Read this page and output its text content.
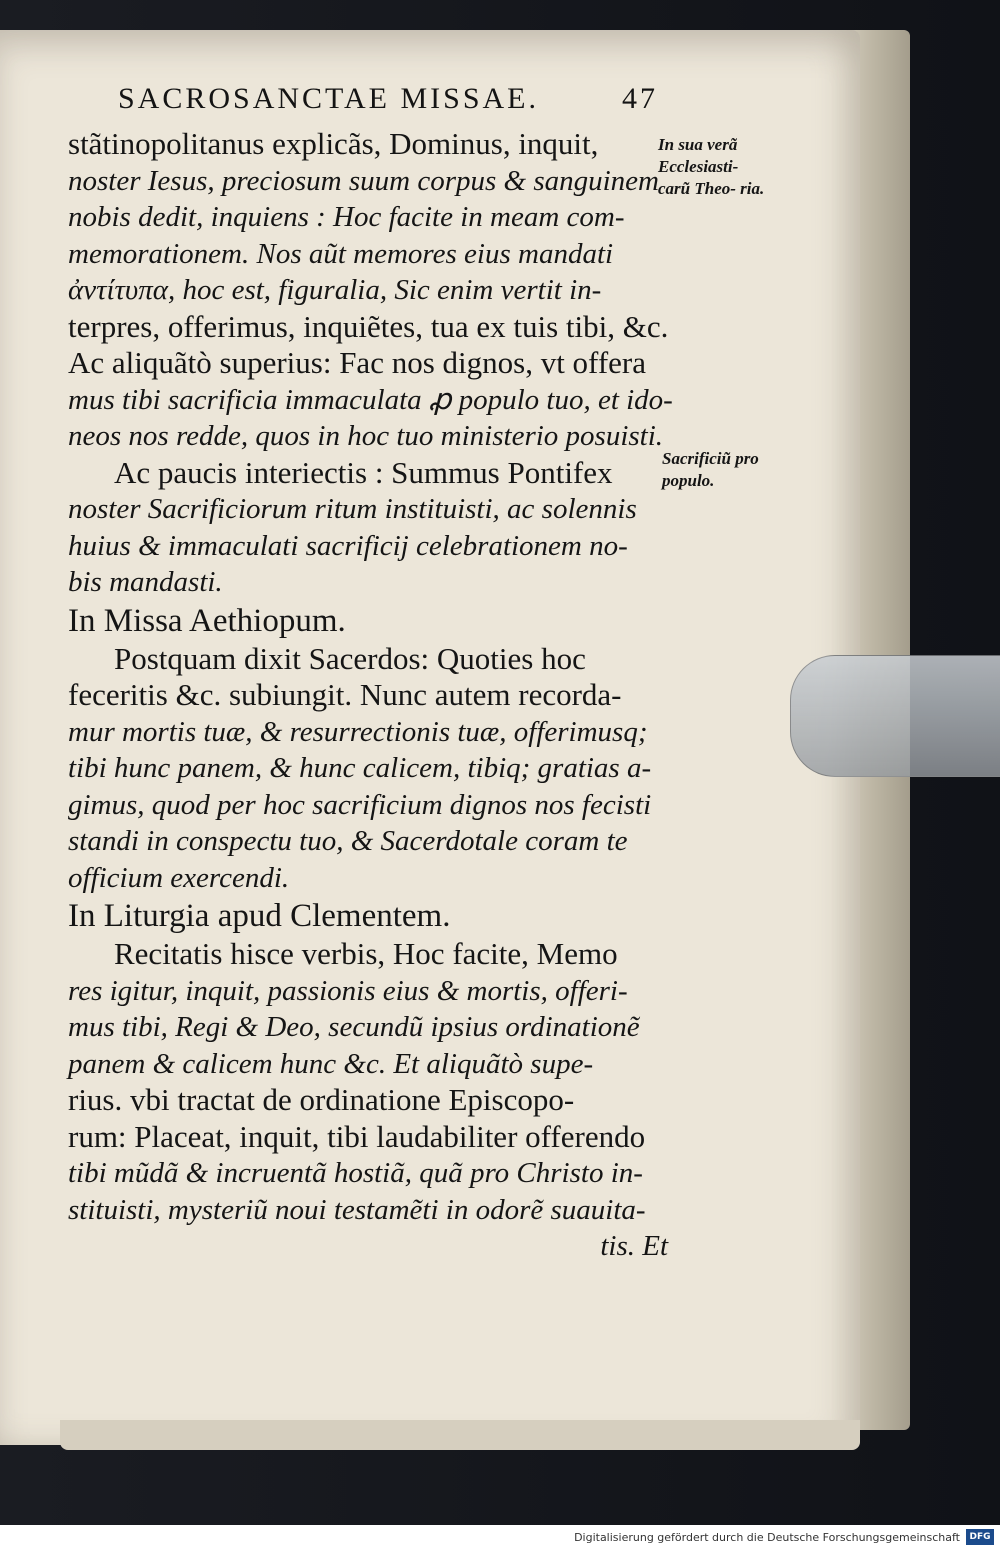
SACROSANCTAE MISSAE.	47
stãtinopolitanus explicãs, Dominus, inquit,
noster Iesus, preciosum suum corpus & sanguinem
nobis dedit, inquiens : Hoc facite in meam com-
memorationem. Nos aũt memores eius mandati
ἀντίτυπα, hoc est, figuralia, Sic enim vertit in-
terpres, offerimus, inquiẽtes, tua ex tuis tibi, &c.
Ac aliquãtò superius: Fac nos dignos, vt offera
mus tibi sacrificia immaculata ꝓ populo tuo, et ido-
neos nos redde, quos in hoc tuo ministerio posuisti.
Ac paucis interiectis : Summus Pontifex
noster Sacrificiorum ritum instituisti, ac solennis
huius & immaculati sacrificij celebrationem no-
bis mandasti.
In Missa Aethiopum.
Postquam dixit Sacerdos: Quoties hoc
feceritis &c. subiungit. Nunc autem recorda-
mur mortis tuæ, & resurrectionis tuæ, offerimusq;
tibi hunc panem, & hunc calicem, tibiq; gratias a-
gimus, quod per hoc sacrificium dignos nos fecisti
standi in conspectu tuo, & Sacerdotale coram te
officium exercendi.
In Liturgia apud Clementem.
Recitatis hisce verbis, Hoc facite, Memo
res igitur, inquit, passionis eius & mortis, offeri-
mus tibi, Regi & Deo, secundũ ipsius ordinationẽ
panem & calicem hunc &c. Et aliquãtò supe-
rius. vbi tractat de ordinatione Episcopo-
rum: Placeat, inquit, tibi laudabiliter offerendo
tibi mũdã & incruentã hostiã, quã pro Christo in-
stituisti, mysteriũ noui testamẽti in odorẽ suauita-
tis. Et
In sua verã Ecclesiasti- carũ Theo- ria.
Sacrificiũ pro populo.
Digitalisierung gefördert durch die Deutsche Forschungsgemeinschaft	DFG
